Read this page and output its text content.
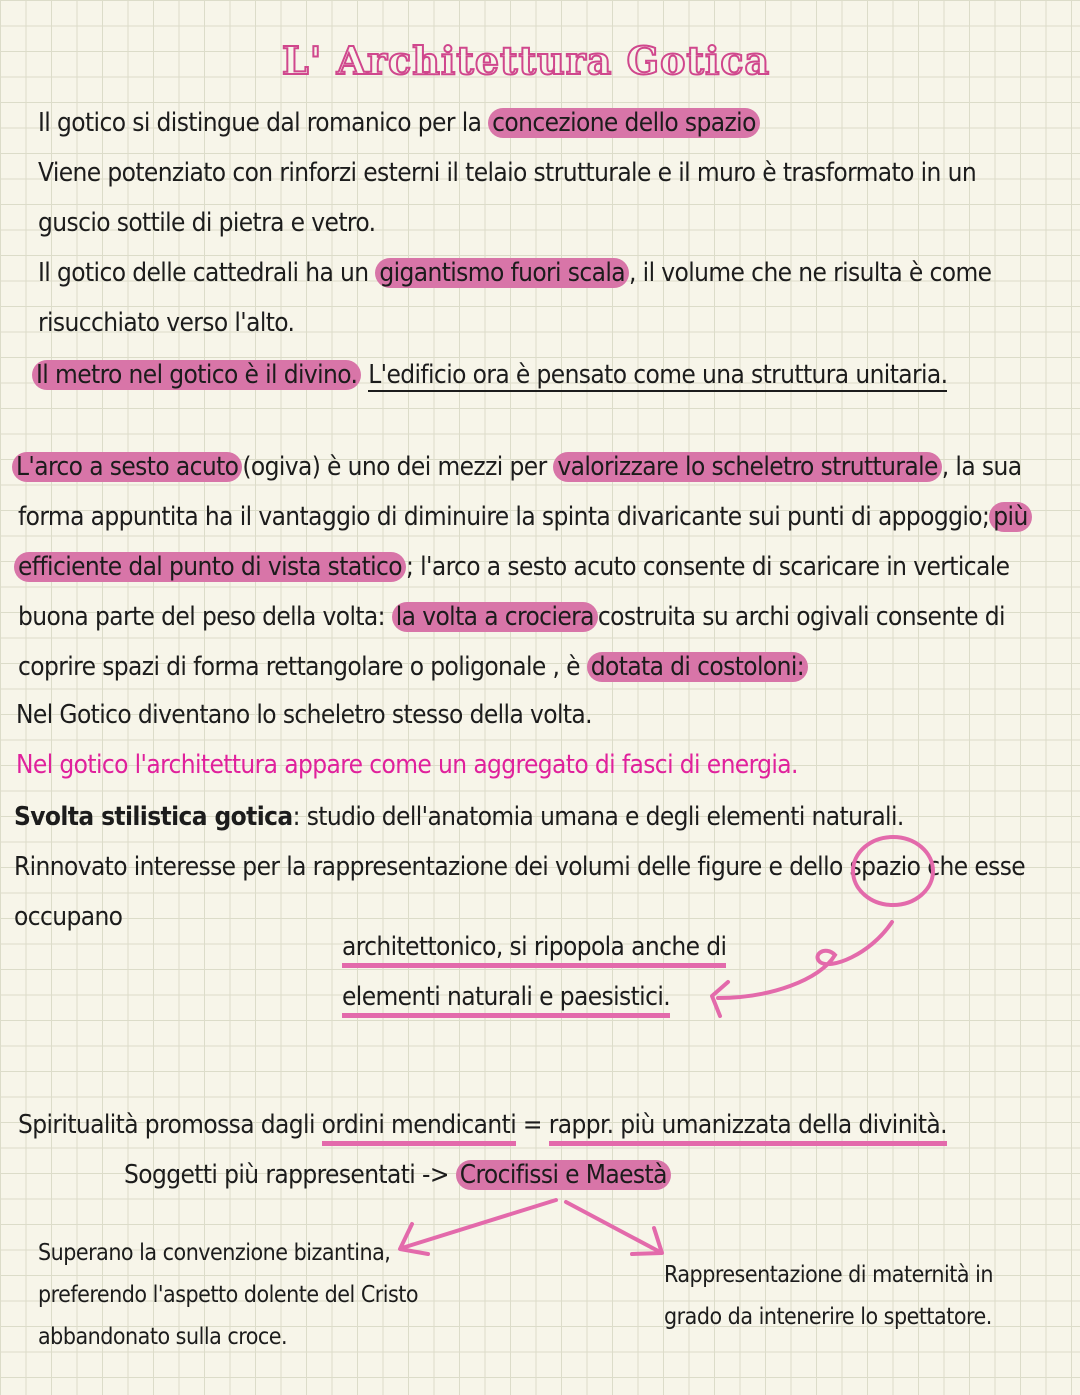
L' Architettura Gotica
Il gotico si distingue dal romanico per la concezione dello spazio
Viene potenziato con rinforzi esterni il telaio strutturale e il muro è trasformato in un
guscio sottile di pietra e vetro.
Il gotico delle cattedrali ha un gigantismo fuori scala , il volume che ne risulta è come
risucchiato verso l'alto.
Il metro nel gotico è il divino. L'edificio ora è pensato come una struttura unitaria.
L'arco a sesto acuto (ogiva) è uno dei mezzi per valorizzare lo scheletro strutturale , la sua
forma appuntita ha il vantaggio di diminuire la spinta divaricante sui punti di appoggio; più
efficiente dal punto di vista statico ; l'arco a sesto acuto consente di scaricare in verticale
buona parte del peso della volta: la volta a crociera costruita su archi ogivali consente di
coprire spazi di forma rettangolare o poligonale , è dotata di costoloni:
Nel Gotico diventano lo scheletro stesso della volta.
Nel gotico l'architettura appare come un aggregato di fasci di energia.
Svolta stilistica gotica: studio dell'anatomia umana e degli elementi naturali.
Rinnovato interesse per la rappresentazione dei volumi delle figure e dello spazio che esse
occupano
architettonico, si ripopola anche di
elementi naturali e paesistici.
Spiritualità promossa dagli ordini mendicanti = rappr. più umanizzata della divinità.
Soggetti più rappresentati -> Crocifissi e Maestà
Superano la convenzione bizantina,
preferendo l'aspetto dolente del Cristo
abbandonato sulla croce.
Rappresentazione di maternità in
grado da intenerire lo spettatore.
